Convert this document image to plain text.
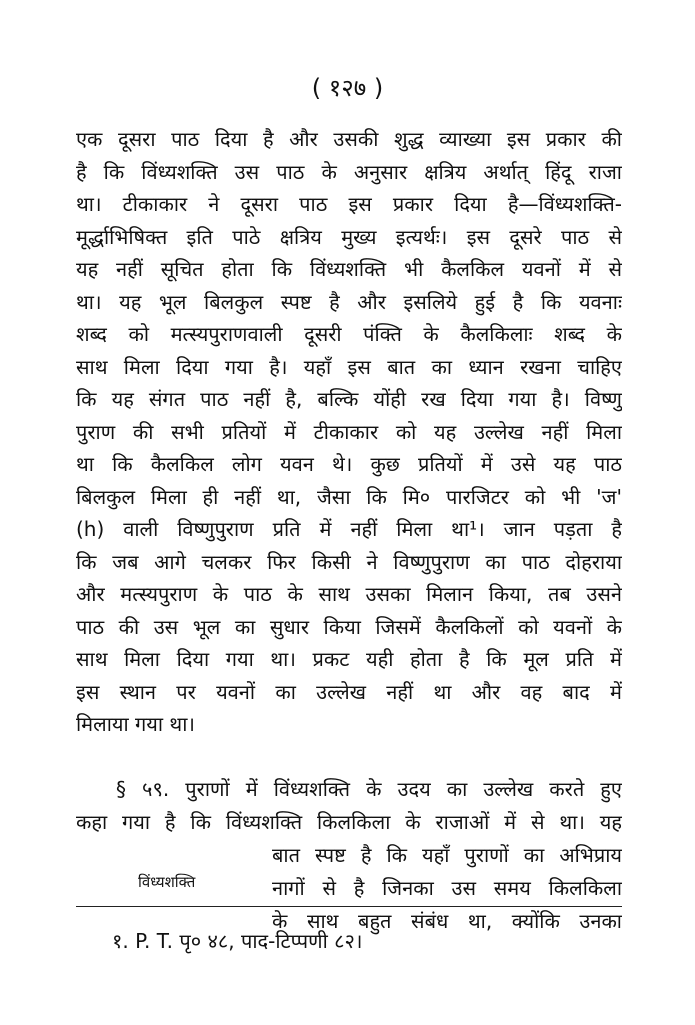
( १२७ )
एक दूसरा पाठ दिया है और उसकी शुद्ध व्याख्या इस प्रकार की
है कि विंध्यशक्ति उस पाठ के अनुसार क्षत्रिय अर्थात् हिंदू राजा
था। टीकाकार ने दूसरा पाठ इस प्रकार दिया है—विंध्यशक्ति-
मूर्द्धाभिषिक्त इति पाठे क्षत्रिय मुख्य इत्यर्थः। इस दूसरे पाठ से
यह नहीं सूचित होता कि विंध्यशक्ति भी कैलकिल यवनों में से
था। यह भूल बिलकुल स्पष्ट है और इसलिये हुई है कि यवनाः
शब्द को मत्स्यपुराणवाली दूसरी पंक्ति के कैलकिलाः शब्द के
साथ मिला दिया गया है। यहाँ इस बात का ध्यान रखना चाहिए
कि यह संगत पाठ नहीं है, बल्कि योंही रख दिया गया है। विष्णु
पुराण की सभी प्रतियों में टीकाकार को यह उल्लेख नहीं मिला
था कि कैलकिल लोग यवन थे। कुछ प्रतियों में उसे यह पाठ
बिलकुल मिला ही नहीं था, जैसा कि मि० पारजिटर को भी 'ज'
(h) वाली विष्णुपुराण प्रति में नहीं मिला था¹। जान पड़ता है
कि जब आगे चलकर फिर किसी ने विष्णुपुराण का पाठ दोहराया
और मत्स्यपुराण के पाठ के साथ उसका मिलान किया, तब उसने
पाठ की उस भूल का सुधार किया जिसमें कैलकिलों को यवनों के
साथ मिला दिया गया था। प्रकट यही होता है कि मूल प्रति में
इस स्थान पर यवनों का उल्लेख नहीं था और वह बाद में
मिलाया गया था।
§ ५९. पुराणों में विंध्यशक्ति के उदय का उल्लेख करते हुए
कहा गया है कि विंध्यशक्ति किलकिला के राजाओं में से था। यह
विंध्यशक्ति
बात स्पष्ट है कि यहाँ पुराणों का अभिप्राय
नागों से है जिनका उस समय किलकिला
के साथ बहुत संबंध था, क्योंकि उनका
१. P. T. पृ० ४८, पाद-टिप्पणी ८२।
